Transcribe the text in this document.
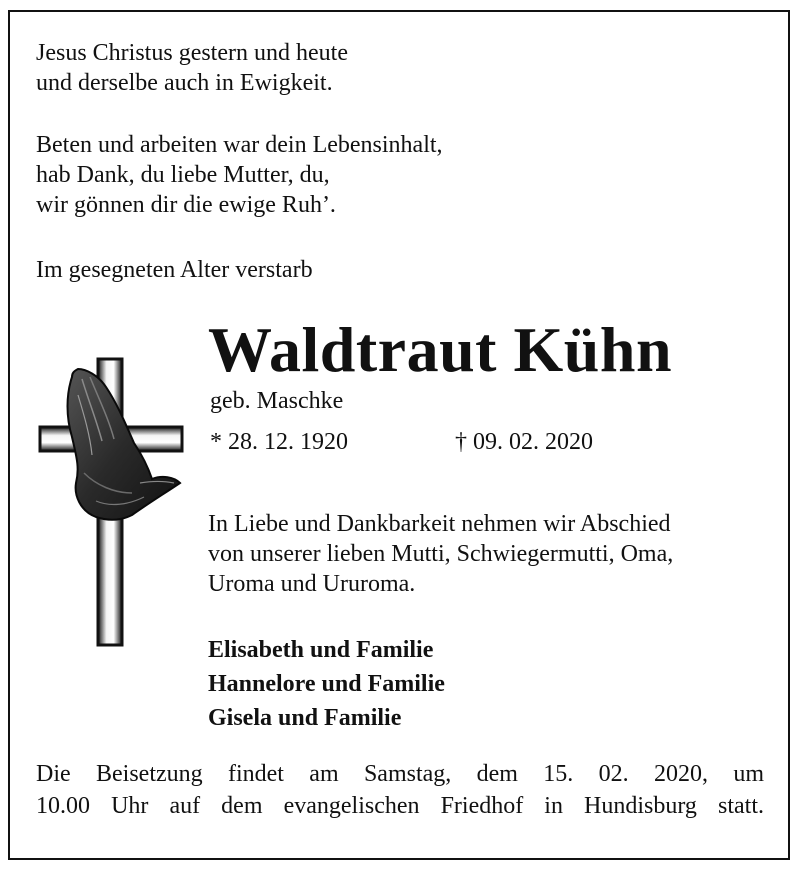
Jesus Christus gestern und heute
und derselbe auch in Ewigkeit.

Beten und arbeiten war dein Lebensinhalt,
hab Dank, du liebe Mutter, du,
wir gönnen dir die ewige Ruh’.

Im gesegneten Alter verstarb

Waldtraut Kühn

geb. Maschke

* 28. 12. 1920	† 09. 02. 2020

In Liebe und Dankbarkeit nehmen wir Abschied
von unserer lieben Mutti, Schwiegermutti, Oma,
Uroma und Ururoma.

Elisabeth und Familie
Hannelore und Familie
Gisela und Familie

Die Beisetzung findet am Samstag, dem 15. 02. 2020, um
10.00 Uhr auf dem evangelischen Friedhof in Hundisburg statt.
